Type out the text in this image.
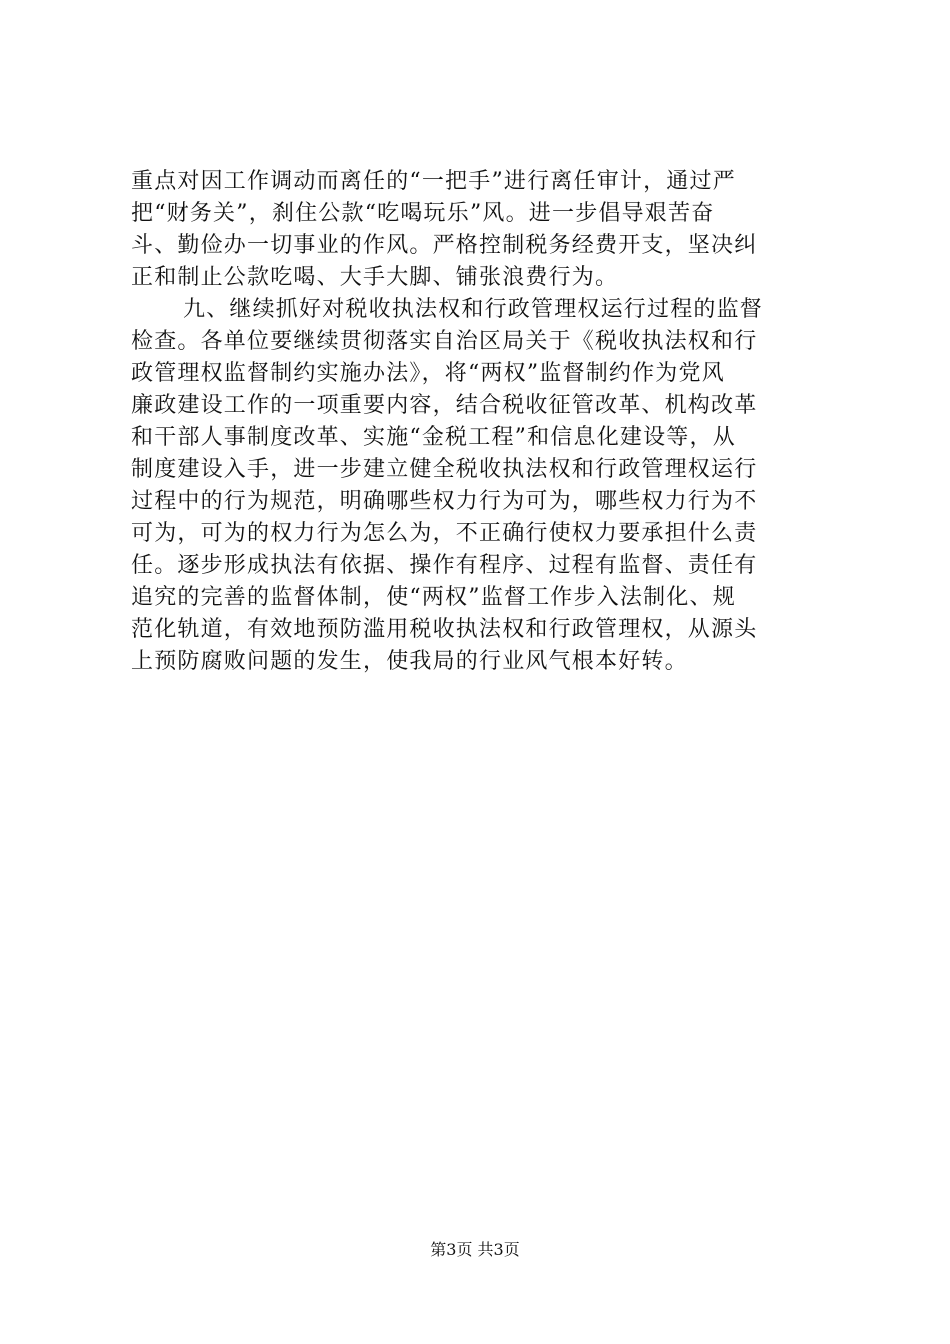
重点对因工作调动而离任的“一把手”进行离任审计，通过严
把“财务关”，刹住公款“吃喝玩乐”风。进一步倡导艰苦奋
斗、勤俭办一切事业的作风。严格控制税务经费开支，坚决纠
正和制止公款吃喝、大手大脚、铺张浪费行为。
九、继续抓好对税收执法权和行政管理权运行过程的监督
检查。各单位要继续贯彻落实自治区局关于《税收执法权和行
政管理权监督制约实施办法》，将“两权”监督制约作为党风
廉政建设工作的一项重要内容，结合税收征管改革、机构改革
和干部人事制度改革、实施“金税工程”和信息化建设等，从
制度建设入手，进一步建立健全税收执法权和行政管理权运行
过程中的行为规范，明确哪些权力行为可为，哪些权力行为不
可为，可为的权力行为怎么为，不正确行使权力要承担什么责
任。逐步形成执法有依据、操作有程序、过程有监督、责任有
追究的完善的监督体制，使“两权”监督工作步入法制化、规
范化轨道，有效地预防滥用税收执法权和行政管理权，从源头
上预防腐败问题的发生，使我局的行业风气根本好转。
第3页 共3页
